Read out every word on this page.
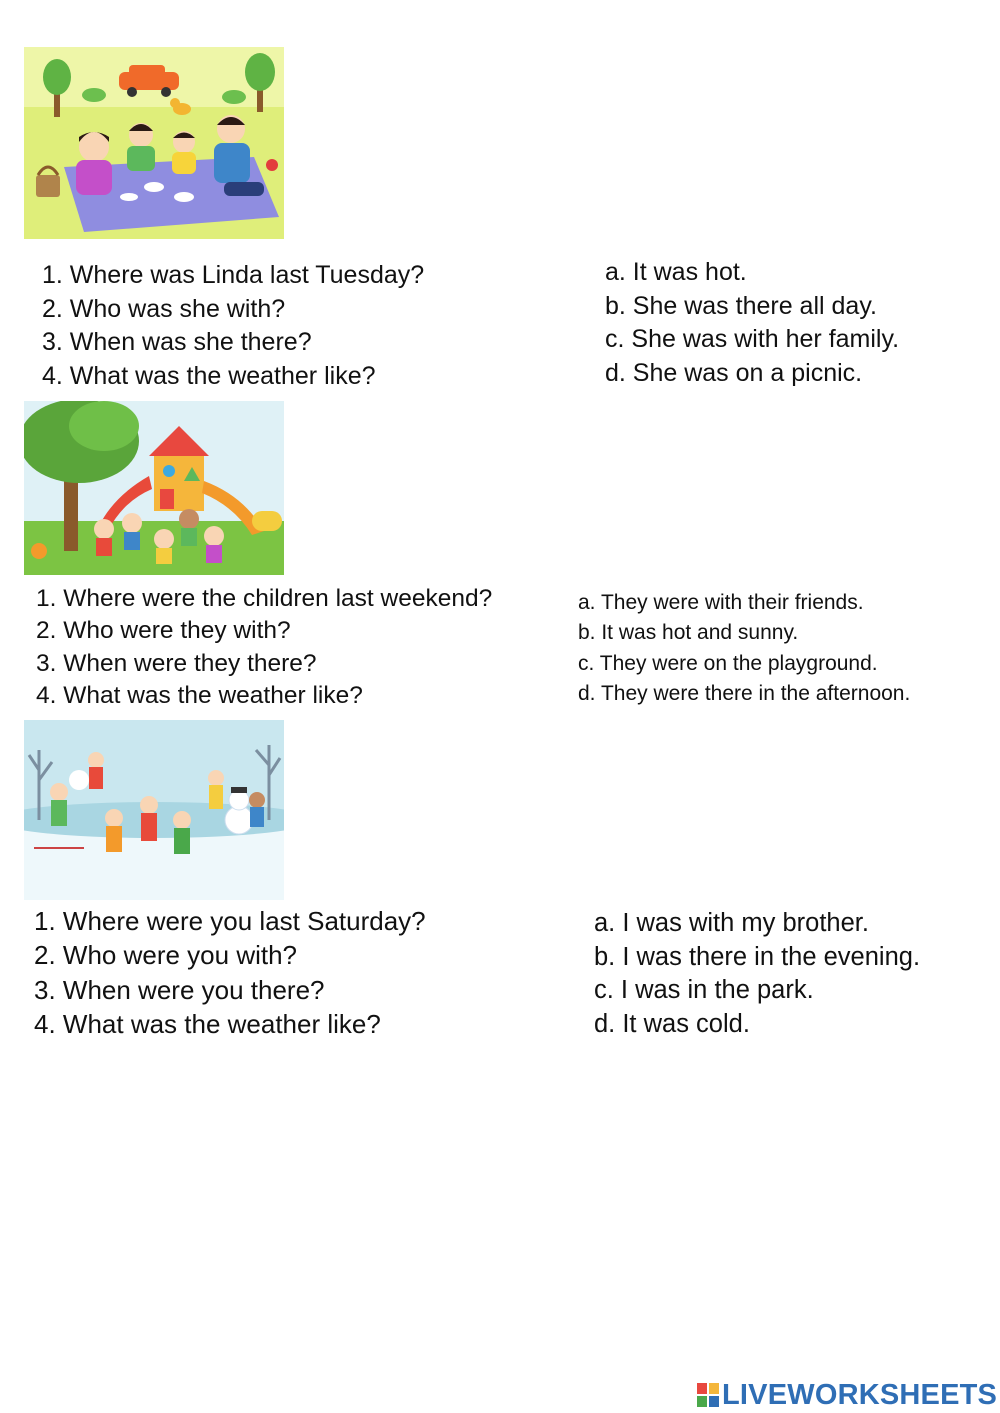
1. Where was Linda last Tuesday?
2. Who was she with?
3. When was she there?
4. What was the weather like?
a. It was hot.
b. She was there all day.
c. She was with her family.
d. She was on a picnic.
1. Where were the children last weekend?
2. Who were they with?
3. When were they there?
4. What was the weather like?
a. They were with their friends.
b. It was hot and sunny.
c. They were on the playground.
d. They were there in the afternoon.
1. Where were you last Saturday?
2. Who were you with?
3. When were you there?
4. What was the weather like?
a. I was with my brother.
b. I was there in the evening.
c. I was in the park.
d. It was cold.
LIVEWORKSHEETS
